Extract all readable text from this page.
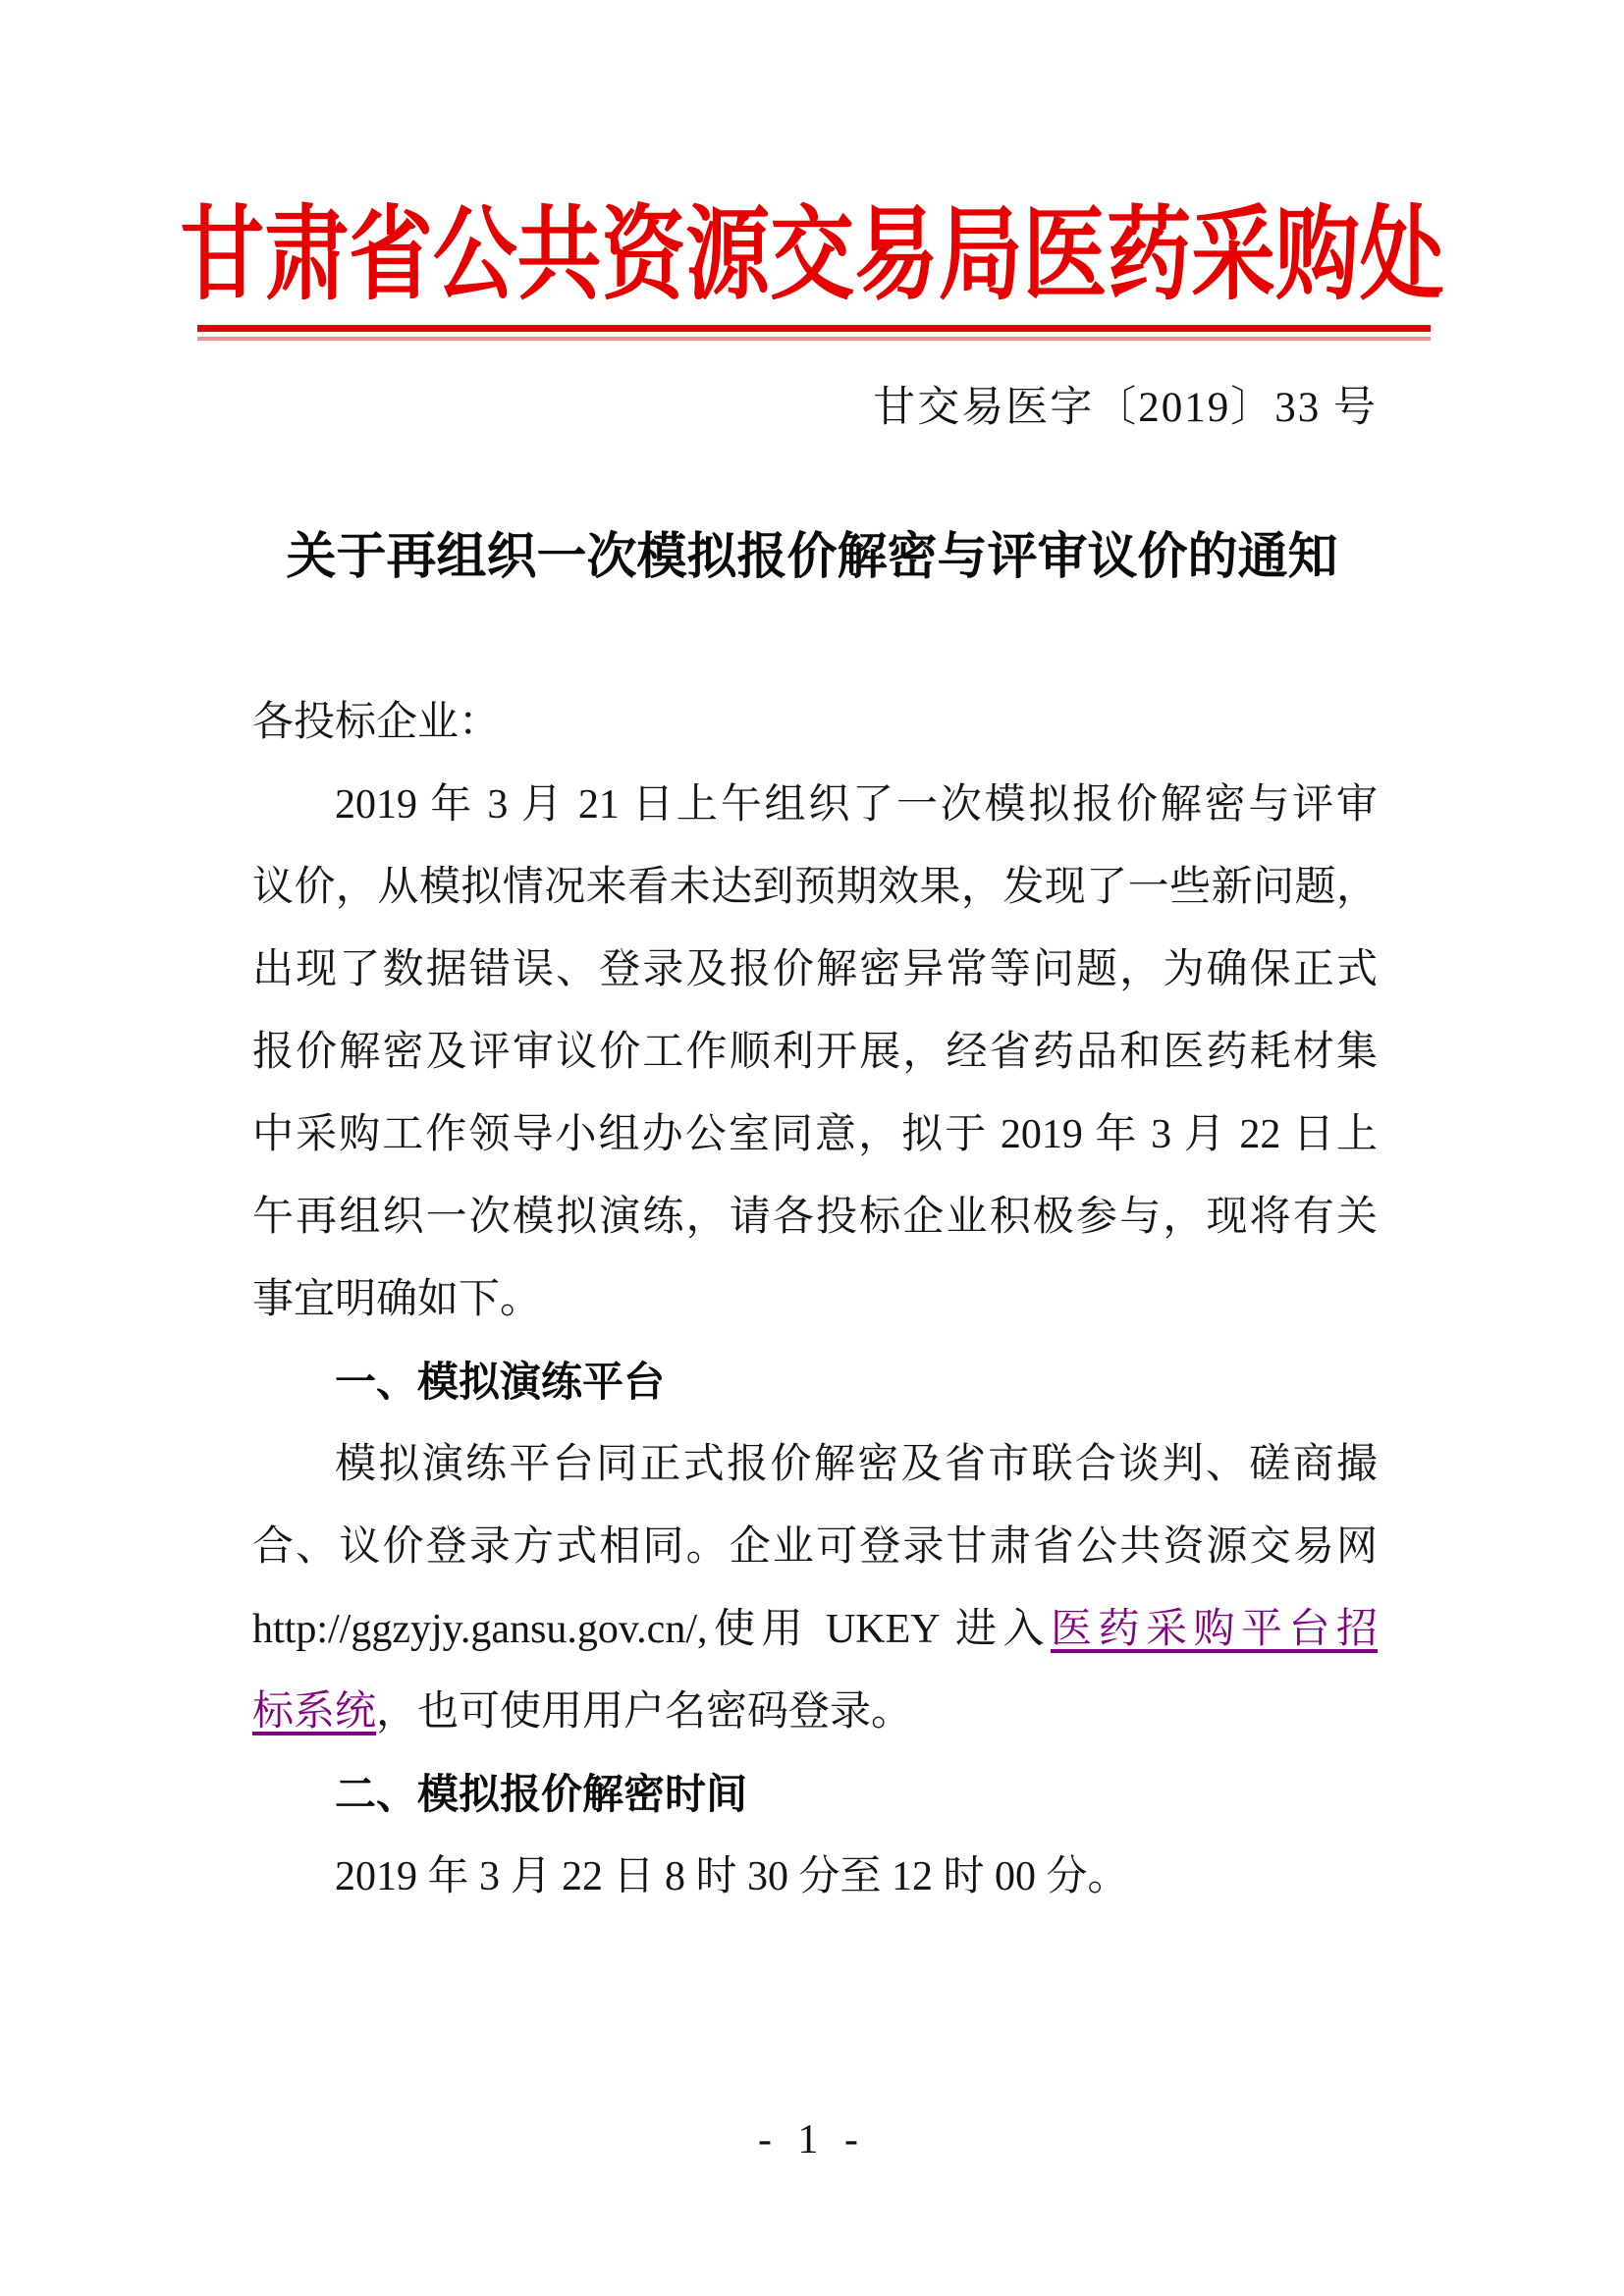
甘肃省公共资源交易局医药采购处
甘交易医字〔2019〕33 号
关于再组织一次模拟报价解密与评审议价的通知
各投标企业：
2019 年 3 月 21 日上午组织了一次模拟报价解密与评审
议价，从模拟情况来看未达到预期效果，发现了一些新问题，
出现了数据错误、登录及报价解密异常等问题，为确保正式
报价解密及评审议价工作顺利开展，经省药品和医药耗材集
中采购工作领导小组办公室同意，拟于 2019 年 3 月 22 日上
午再组织一次模拟演练，请各投标企业积极参与，现将有关
事宜明确如下。
一、模拟演练平台
模拟演练平台同正式报价解密及省市联合谈判、磋商撮
合、议价登录方式相同。企业可登录甘肃省公共资源交易网
http://ggzyjy.gansu.gov.cn/,使用 UKEY 进入医药采购平台招
标系统，也可使用用户名密码登录。
二、模拟报价解密时间
2019 年 3 月 22 日 8 时 30 分至 12 时 00 分。
- 1 -
